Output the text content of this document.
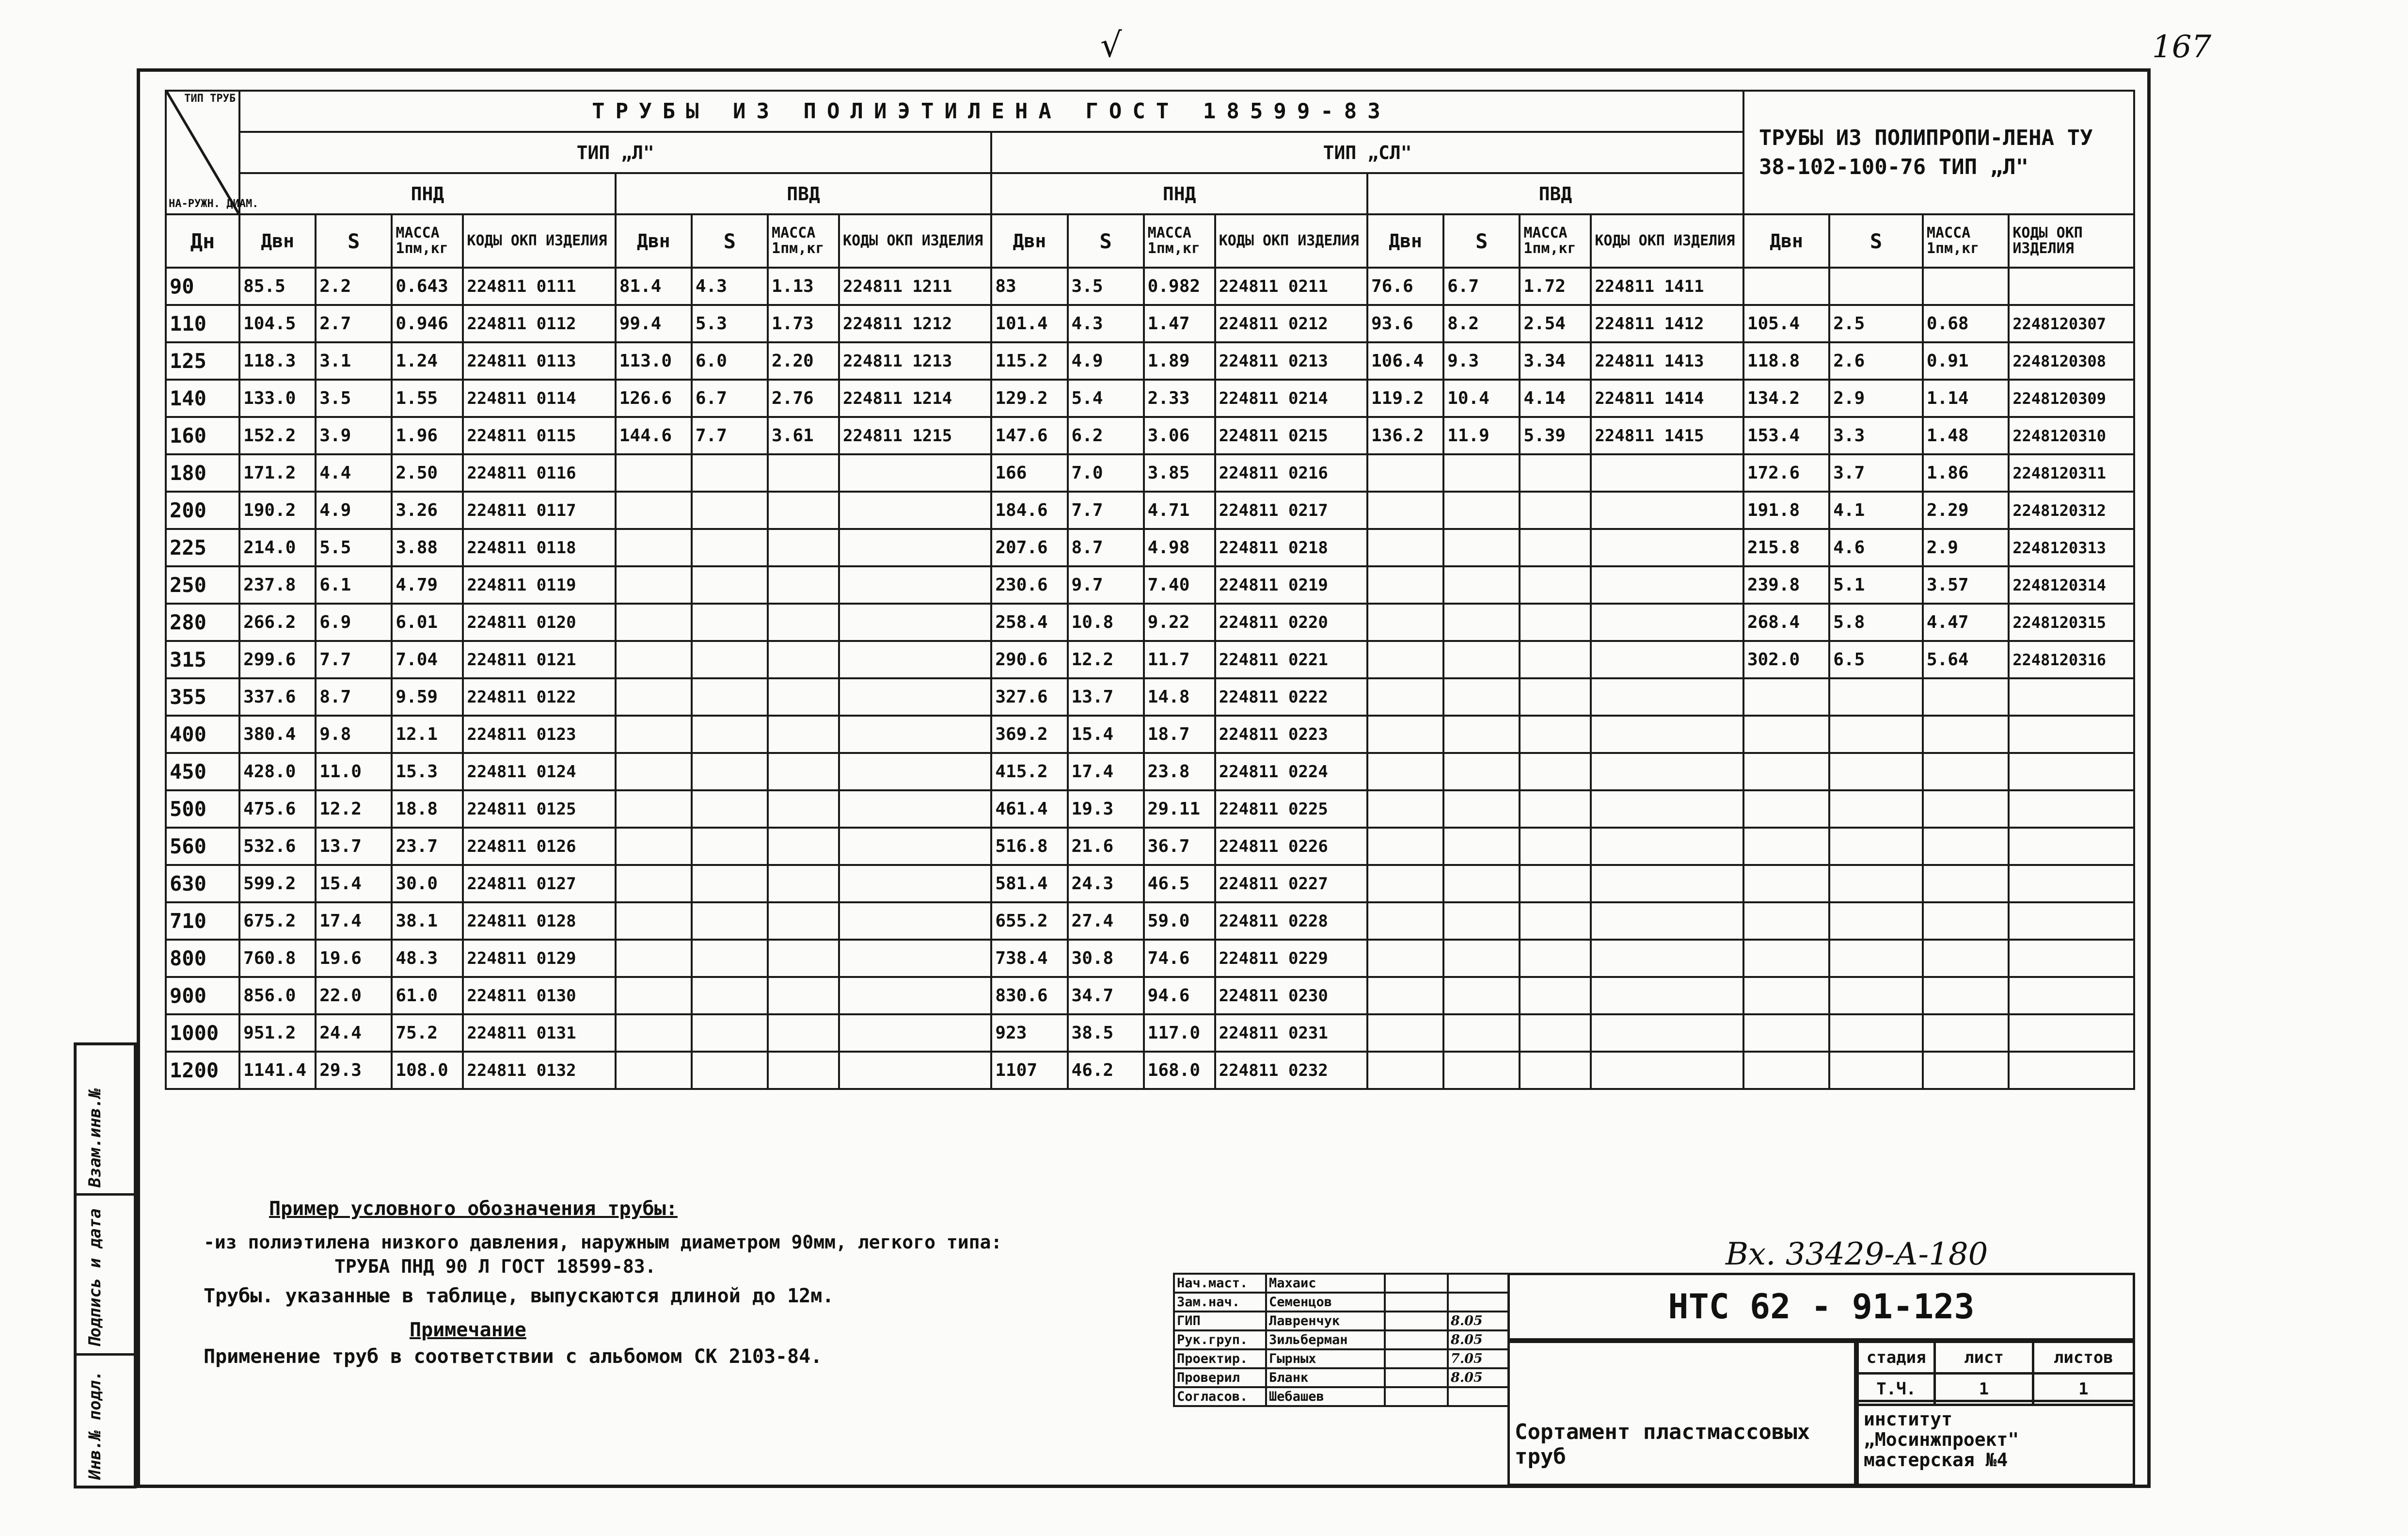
167
√
Взам.инв.№
Подпись и дата
Инв.№ подл.
ТИП ТРУБ
НА-РУЖН. ДИАМ.	ТРУБЫ ИЗ ПОЛИЭТИЛЕНА ГОСТ 18599-83																ТРУБЫ ИЗ ПОЛИПРОПИ-ЛЕНА ТУ 38-102-100-76 ТИП „Л"			
	ТИП „Л"								ТИП „СЛ"											
	ПНД				ПВД				ПНД				ПВД							
Дн	Двн	S	МАССА 1пм,кг	КОДЫ ОКП ИЗДЕЛИЯ	Двн	S	МАССА 1пм,кг	КОДЫ ОКП ИЗДЕЛИЯ	Двн	S	МАССА 1пм,кг	КОДЫ ОКП ИЗДЕЛИЯ	Двн	S	МАССА 1пм,кг	КОДЫ ОКП ИЗДЕЛИЯ	Двн	S	МАССА 1пм,кг	КОДЫ ОКП ИЗДЕЛИЯ
90	85.5	2.2	0.643	224811 0111	81.4	4.3	1.13	224811 1211	83	3.5	0.982	224811 0211	76.6	6.7	1.72	224811 1411				
110	104.5	2.7	0.946	224811 0112	99.4	5.3	1.73	224811 1212	101.4	4.3	1.47	224811 0212	93.6	8.2	2.54	224811 1412	105.4	2.5	0.68	2248120307
125	118.3	3.1	1.24	224811 0113	113.0	6.0	2.20	224811 1213	115.2	4.9	1.89	224811 0213	106.4	9.3	3.34	224811 1413	118.8	2.6	0.91	2248120308
140	133.0	3.5	1.55	224811 0114	126.6	6.7	2.76	224811 1214	129.2	5.4	2.33	224811 0214	119.2	10.4	4.14	224811 1414	134.2	2.9	1.14	2248120309
160	152.2	3.9	1.96	224811 0115	144.6	7.7	3.61	224811 1215	147.6	6.2	3.06	224811 0215	136.2	11.9	5.39	224811 1415	153.4	3.3	1.48	2248120310
180	171.2	4.4	2.50	224811 0116					166	7.0	3.85	224811 0216					172.6	3.7	1.86	2248120311
200	190.2	4.9	3.26	224811 0117					184.6	7.7	4.71	224811 0217					191.8	4.1	2.29	2248120312
225	214.0	5.5	3.88	224811 0118					207.6	8.7	4.98	224811 0218					215.8	4.6	2.9	2248120313
250	237.8	6.1	4.79	224811 0119					230.6	9.7	7.40	224811 0219					239.8	5.1	3.57	2248120314
280	266.2	6.9	6.01	224811 0120					258.4	10.8	9.22	224811 0220					268.4	5.8	4.47	2248120315
315	299.6	7.7	7.04	224811 0121					290.6	12.2	11.7	224811 0221					302.0	6.5	5.64	2248120316
355	337.6	8.7	9.59	224811 0122					327.6	13.7	14.8	224811 0222								
400	380.4	9.8	12.1	224811 0123					369.2	15.4	18.7	224811 0223								
450	428.0	11.0	15.3	224811 0124					415.2	17.4	23.8	224811 0224								
500	475.6	12.2	18.8	224811 0125					461.4	19.3	29.11	224811 0225								
560	532.6	13.7	23.7	224811 0126					516.8	21.6	36.7	224811 0226								
630	599.2	15.4	30.0	224811 0127					581.4	24.3	46.5	224811 0227								
710	675.2	17.4	38.1	224811 0128					655.2	27.4	59.0	224811 0228								
800	760.8	19.6	48.3	224811 0129					738.4	30.8	74.6	224811 0229								
900	856.0	22.0	61.0	224811 0130					830.6	34.7	94.6	224811 0230								
1000	951.2	24.4	75.2	224811 0131					923	38.5	117.0	224811 0231								
1200	1141.4	29.3	108.0	224811 0132					1107	46.2	168.0	224811 0232								
Пример условного обозначения трубы:
-из полиэтилена низкого давления, наружным диаметром 90мм, легкого типа:
ТРУБА ПНД 90 Л ГОСТ 18599-83.
Трубы. указанные в таблице, выпускаются длиной до 12м.
Примечание
Применение труб в соответствии с альбомом СК 2103-84.
Вх. 33429-А-180
Нач.маст.	Махаис		
Зам.нач.	Семенцов		
ГИП	Лавренчук		8.05
Рук.груп.	Зильберман		8.05
Проектир.	Гырных		7.05
Проверил	Бланк		8.05
Согласов.	Шебашев		
НТС 62 - 91-123
Сортамент пластмассовых
труб
стадия	лист	листов
Т.Ч.	1	1
институт
„Мосинжпроект"
мастерская №4
